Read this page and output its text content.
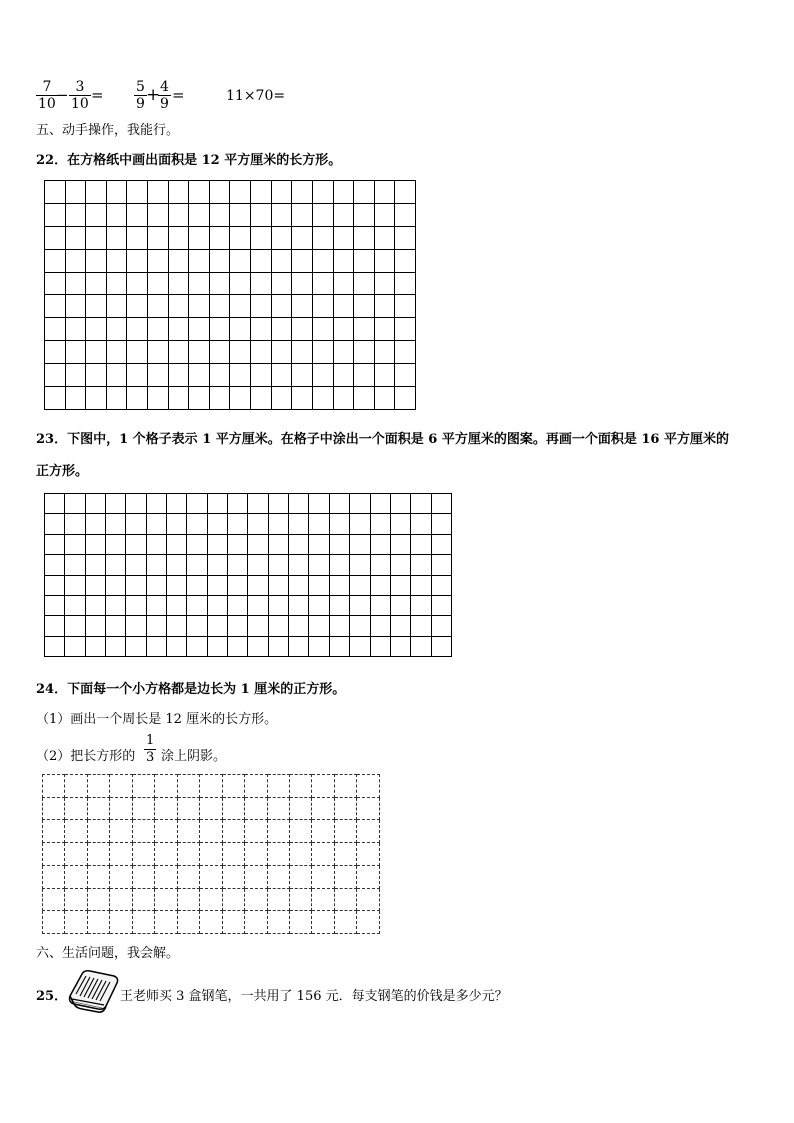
7
10 − 3
10 = 5
9 + 4
9 =	11×70=
五、动手操作，我能行。
22．在方格纸中画出面积是 12 平方厘米的长方形。

23．下图中，1 个格子表示 1 平方厘米。在格子中涂出一个面积是 6 平方厘米的图案。再画一个面积是 16 平方厘米的
正方形。

24．下面每一个小方格都是边长为 1 厘米的正方形。
（1）画出一个周长是 12 厘米的长方形。
（2）把长方形的
1
3 涂上阴影。

六、生活问题，我会解。
25．	王老师买 3 盒钢笔，一共用了 156 元．每支钢笔的价钱是多少元？
